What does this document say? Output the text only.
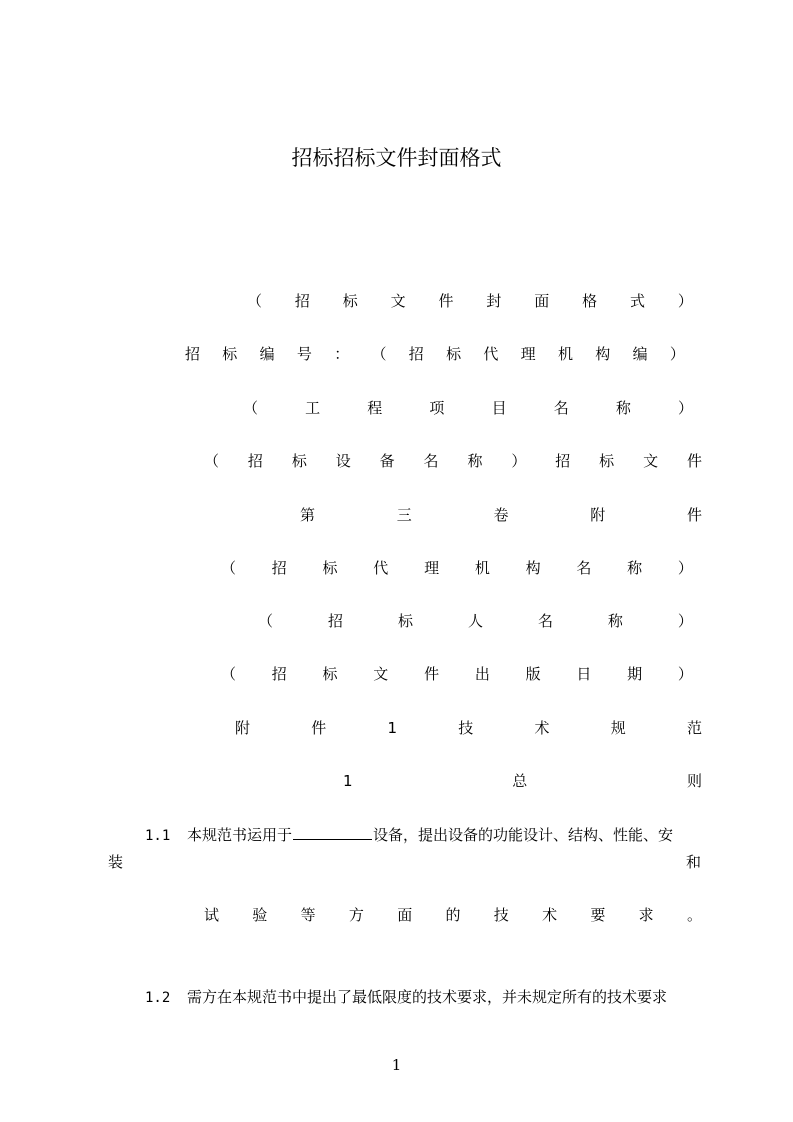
招标招标文件封面格式
（ 招 标 文 件 封 面 格 式 ）
招 标 编 号 ： （ 招 标 代 理 机 构 编 ）
（	工	程	项	目	名	称	）
（ 招 标 设 备 名 称 ） 招 标 文 件
第	三	卷	附	件
（ 招 标 代 理 机 构 名 称 ）
（	招	标	人	名	称	）
（ 招 标 文 件 出 版 日 期 ）
附	件	1	技	术	规	范
1	总	则
1.1 本规范书运用于	设备，提出设备的功能设计、结构、性能、安
装	和
试 验 等 方 面 的 技 术 要 求 。
1.2 需方在本规范书中提出了最低限度的技术要求，并未规定所有的技术要求
1
